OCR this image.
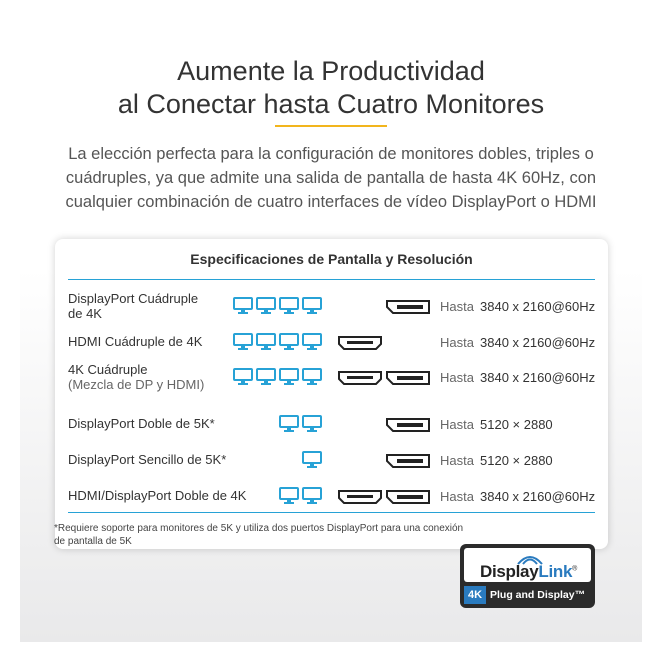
Aumente la Productividad
al Conectar hasta Cuatro Monitores
La elección perfecta para la configuración de monitores dobles, triples o
cuádruples, ya que admite una salida de pantalla de hasta 4K 60Hz, con
cualquier combinación de cuatro interfaces de vídeo DisplayPort o HDMI
Especificaciones de Pantalla y Resolución
DisplayPort Cuádruple
de 4K	Hasta 3840 x 2160@60Hz
HDMI Cuádruple de 4K	Hasta 3840 x 2160@60Hz
4K Cuádruple
(Mezcla de DP y HDMI)	Hasta 3840 x 2160@60Hz
DisplayPort Doble de 5K*	Hasta 5120 × 2880
DisplayPort Sencillo de 5K*	Hasta 5120 × 2880
HDMI/DisplayPort Doble de 4K	Hasta 3840 x 2160@60Hz
*Requiere soporte para monitores de 5K y utiliza dos puertos DisplayPort para una conexión
de pantalla de 5K
DisplayLink®
4K Plug and Display™
